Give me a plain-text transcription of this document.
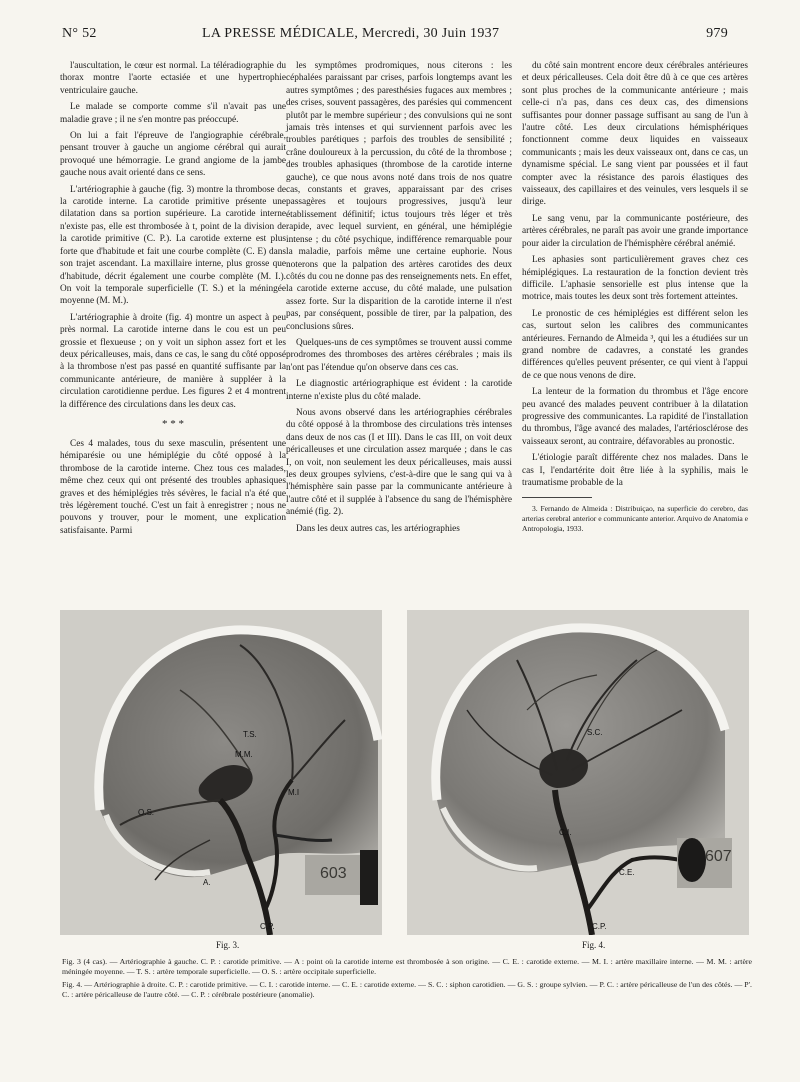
N° 52	LA PRESSE MÉDICALE, Mercredi, 30 Juin 1937	979

l'auscultation, le cœur est normal. La téléradiographie du thorax montre l'aorte ectasiée et une hypertrophie ventriculaire gauche.

Le malade se comporte comme s'il n'avait pas une maladie grave ; il ne s'en montre pas préoccupé.

On lui a fait l'épreuve de l'angiographie cérébrale, pensant trouver à gauche un angiome cérébral qui aurait provoqué une hémorragie. Le grand angiome de la jambe gauche nous avait orienté dans ce sens.

L'artériographie à gauche (fig. 3) montre la thrombose de la carotide interne. La carotide primitive présente une dilatation dans sa portion supérieure. La carotide interne n'existe pas, elle est thrombosée à t, point de la division de la carotide primitive (C. P.). La carotide externe est plus forte que d'habitude et fait une courbe complète (C. E) dans son trajet ascendant. La maxillaire interne, plus grosse que d'habitude, décrit également une courbe complète (M. I.). On voit la temporale superficielle (T. S.) et la méningée moyenne (M. M.).

L'artériographie à droite (fig. 4) montre un aspect à peu près normal. La carotide interne dans le cou est un peu grossie et flexueuse ; on y voit un siphon assez fort et les deux péricalleuses, mais, dans ce cas, le sang du côté opposé à la thrombose n'est pas passé en quantité suffisante par la communicante antérieure, de manière à suppléer à la circulation carotidienne perdue. Les figures 2 et 4 montrent la différence des circulations dans les deux cas.

* * *

Ces 4 malades, tous du sexe masculin, présentent une hémiparésie ou une hémiplégie du côté opposé à la thrombose de la carotide interne. Chez tous ces malades, même chez ceux qui ont présenté des troubles aphasiques graves et des hémiplégies très sévères, le facial n'a été que très légèrement touché. C'est un fait à enregistrer ; nous ne pouvons y trouver, pour le moment, une explication satisfaisante. Parmi

les symptômes prodromiques, nous citerons : les céphalées paraissant par crises, parfois longtemps avant les autres symptômes ; des paresthésies fugaces aux membres ; des crises, souvent passagères, des parésies qui commencent plutôt par le membre supérieur ; des convulsions qui ne sont jamais très intenses et qui surviennent parfois avec les troubles parétiques ; parfois des troubles de sensibilité ; crâne douloureux à la percussion, du côté de la thrombose ; des troubles aphasiques (thrombose de la carotide interne gauche), ce que nous avons noté dans trois de nos quatre cas, constants et graves, apparaissant par des crises passagères et toujours progressives, jusqu'à leur établissement définitif; ictus toujours très léger et très rapide, avec lequel survient, en général, une hémiplégie intense ; du côté psychique, indifférence remarquable pour la maladie, parfois même une certaine euphorie. Nous noterons que la palpation des artères carotides des deux côtés du cou ne donne pas des renseignements nets. En effet, la carotide externe accuse, du côté malade, une pulsation assez forte. Sur la disparition de la carotide interne il n'est pas, par conséquent, possible de tirer, par la palpation, des conclusions sûres.

Quelques-uns de ces symptômes se trouvent aussi comme prodromes des thromboses des artères cérébrales ; mais ils n'ont pas l'étendue qu'on observe dans ces cas.

Le diagnostic artériographique est évident : la carotide interne n'existe plus du côté malade.

Nous avons observé dans les artériographies cérébrales du côté opposé à la thrombose des circulations très intenses dans deux de nos cas (I et III). Dans le cas III, on voit deux péricalleuses et une circulation assez marquée ; dans le cas I, on voit, non seulement les deux péricalleuses, mais aussi les deux groupes sylviens, c'est-à-dire que le sang qui va à l'hémisphère sain passe par la communicante antérieure à l'autre côté et il supplée à l'absence du sang de l'hémisphère anémié (fig. 2).

Dans les deux autres cas, les artériographies

du côté sain montrent encore deux cérébrales antérieures et deux péricalleuses. Cela doit être dû à ce que ces artères sont plus proches de la communicante antérieure ; mais celle-ci n'a pas, dans ces deux cas, des dimensions suffisantes pour donner passage suffisant au sang de l'un à l'autre côté. Les deux circulations hémisphériques fonctionnent comme deux liquides en vaisseaux communicants ; mais les deux vaisseaux ont, dans ce cas, un dynamisme spécial. Le sang vient par poussées et il faut compter avec la résistance des parois élastiques des vaisseaux, des capillaires et des veinules, vers lesquels il se dirige.

Le sang venu, par la communicante postérieure, des artères cérébrales, ne paraît pas avoir une grande importance pour aider la circulation de l'hémisphère cérébral anémié.

Les aphasies sont particulièrement graves chez ces hémiplégiques. La restauration de la fonction devient très difficile. L'aphasie sensorielle est plus intense que la motrice, mais toutes les deux sont très fortement atteintes.

Le pronostic de ces hémiplégies est différent selon les cas, surtout selon les calibres des communicantes antérieures. Fernando de Almeida ³, qui les a étudiées sur un grand nombre de cadavres, a constaté les grandes différences qu'elles peuvent présenter, ce qui vient à l'appui de ce que nous venons de dire.

La lenteur de la formation du thrombus et l'âge encore peu avancé des malades peuvent contribuer à la dilatation progressive des communicantes. La rapidité de l'installation du thrombus, l'âge avancé des malades, l'artériosclérose des vaisseaux seront, au contraire, défavorables au pronostic.

L'étiologie paraît différente chez nos malades. Dans le cas I, l'endartérite doit être liée à la syphilis, mais le traumatisme probable de la

3. Fernando de Almeida : Distribuiçao, na superficie do cerebro, das arterias cerebral anterior e communicante anterior. Arquivo de Anatomia e Antropologia, 1933.

T.S.
O.S.
M.I
M.M.
A.
C.P.
603
S.C.
C.I.
C.E.
C.P.
607
Fig. 3.	Fig. 4.

Fig. 3 (4 cas). — Artériographie à gauche. C. P. : carotide primitive. — A : point où la carotide interne est thrombosée à son origine. — C. E. : carotide externe. — M. I. : artère maxillaire interne. — M. M. : artère méningée moyenne. — T. S. : artère temporale superficielle. — O. S. : artère occipitale superficielle.

Fig. 4. — Artériographie à droite. C. P. : carotide primitive. — C. I. : carotide interne. — C. E. : carotide externe. — S. C. : siphon carotidien. — G. S. : groupe sylvien. — P. C. : artère péricalleuse de l'un des côtés. — P'. C. : artère péricalleuse de l'autre côté. — C. P. : cérébrale postérieure (anomalie).
